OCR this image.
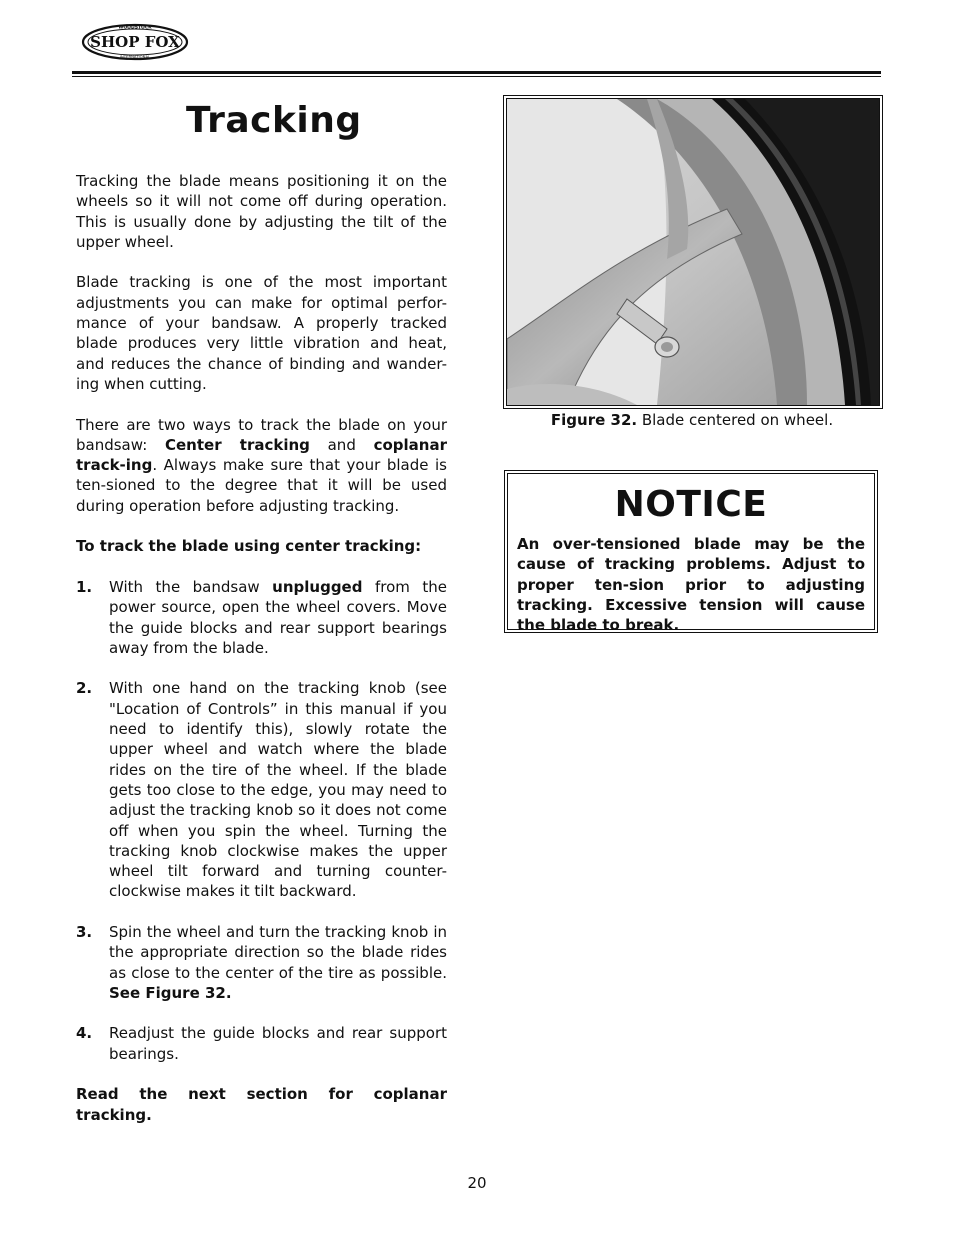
WOODSTOCK
SHOP FOX
INTERNATIONAL
Tracking

Tracking the blade means positioning it on the wheels so it will not come off during operation. This is usually done by adjusting the tilt of the upper wheel.

Blade tracking is one of the most important adjustments you can make for optimal perfor-mance of your bandsaw. A properly tracked blade produces very little vibration and heat, and reduces the chance of binding and wander-ing when cutting.

There are two ways to track the blade on your bandsaw: Center tracking and coplanar track-ing. Always make sure that your blade is ten-sioned to the degree that it will be used during operation before adjusting tracking.

To track the blade using center tracking:

1.	With the bandsaw unplugged from the power source, open the wheel covers. Move the guide blocks and rear support bearings away from the blade.
2.	With one hand on the tracking knob (see "Location of Controls” in this manual if you need to identify this), slowly rotate the upper wheel and watch where the blade rides on the tire of the wheel. If the blade gets too close to the edge, you may need to adjust the tracking knob so it does not come off when you spin the wheel. Turning the tracking knob clockwise makes the upper wheel tilt forward and turning counter-clockwise makes it tilt backward.
3.	Spin the wheel and turn the tracking knob in the appropriate direction so the blade rides as close to the center of the tire as possible. See Figure 32.
4.	Readjust the guide blocks and rear support bearings.

Read the next section for coplanar tracking.

Figure 32. Blade centered on wheel.
NOTICE

An over-tensioned blade may be the cause of tracking problems. Adjust to proper ten-sion prior to adjusting tracking. Excessive tension will cause the blade to break.

20
